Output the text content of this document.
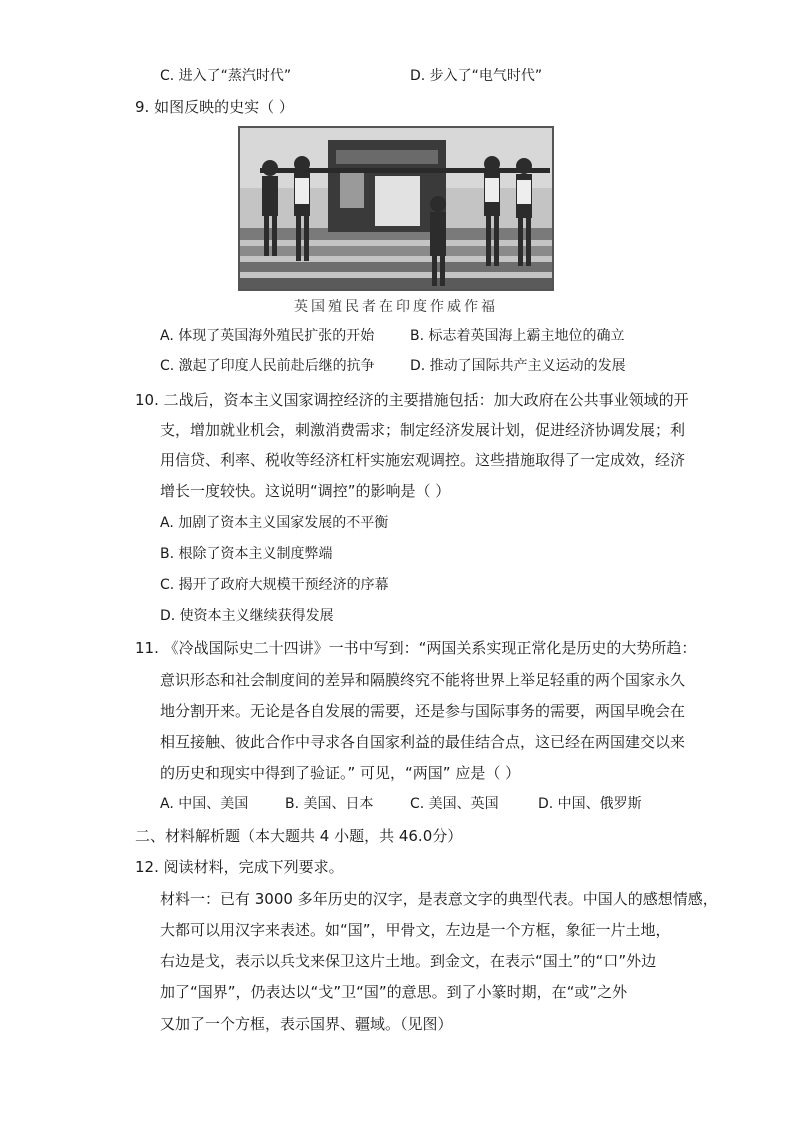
C. 进入了“蒸汽时代”	D. 步入了“电气时代”
9. 如图反映的史实（ ）
英国殖民者在印度作威作福
A. 体现了英国海外殖民扩张的开始	B. 标志着英国海上霸主地位的确立
C. 激起了印度人民前赴后继的抗争	D. 推动了国际共产主义运动的发展
10. 二战后，资本主义国家调控经济的主要措施包括：加大政府在公共事业领域的开
支，增加就业机会，刺激消费需求；制定经济发展计划，促进经济协调发展；利
用信贷、利率、税收等经济杠杆实施宏观调控。这些措施取得了一定成效，经济
增长一度较快。这说明“调控”的影响是（ ）
A. 加剧了资本主义国家发展的不平衡
B. 根除了资本主义制度弊端
C. 揭开了政府大规模干预经济的序幕
D. 使资本主义继续获得发展
11. 《冷战国际史二十四讲》一书中写到：“两国关系实现正常化是历史的大势所趋：
意识形态和社会制度间的差异和隔膜终究不能将世界上举足轻重的两个国家永久
地分割开来。无论是各自发展的需要，还是参与国际事务的需要，两国早晚会在
相互接触、彼此合作中寻求各自国家利益的最佳结合点，这已经在两国建交以来
的历史和现实中得到了验证。” 可见，“两国” 应是（ ）
A. 中国、美国	B. 美国、日本	C. 美国、英国	D. 中国、俄罗斯
二、材料解析题（本大题共 4 小题，共 46.0分）
12. 阅读材料，完成下列要求。
材料一：已有 3000 多年历史的汉字，是表意文字的典型代表。中国人的感想情感，
大都可以用汉字来表述。如“国”，甲骨文，左边是一个方框，象征一片土地，
右边是戈，表示以兵戈来保卫这片土地。到金文，在表示“国土”的“口”外边
加了“国界”，仍表达以“戈”卫“国”的意思。到了小篆时期，在“或”之外
又加了一个方框，表示国界、疆域。（见图）
